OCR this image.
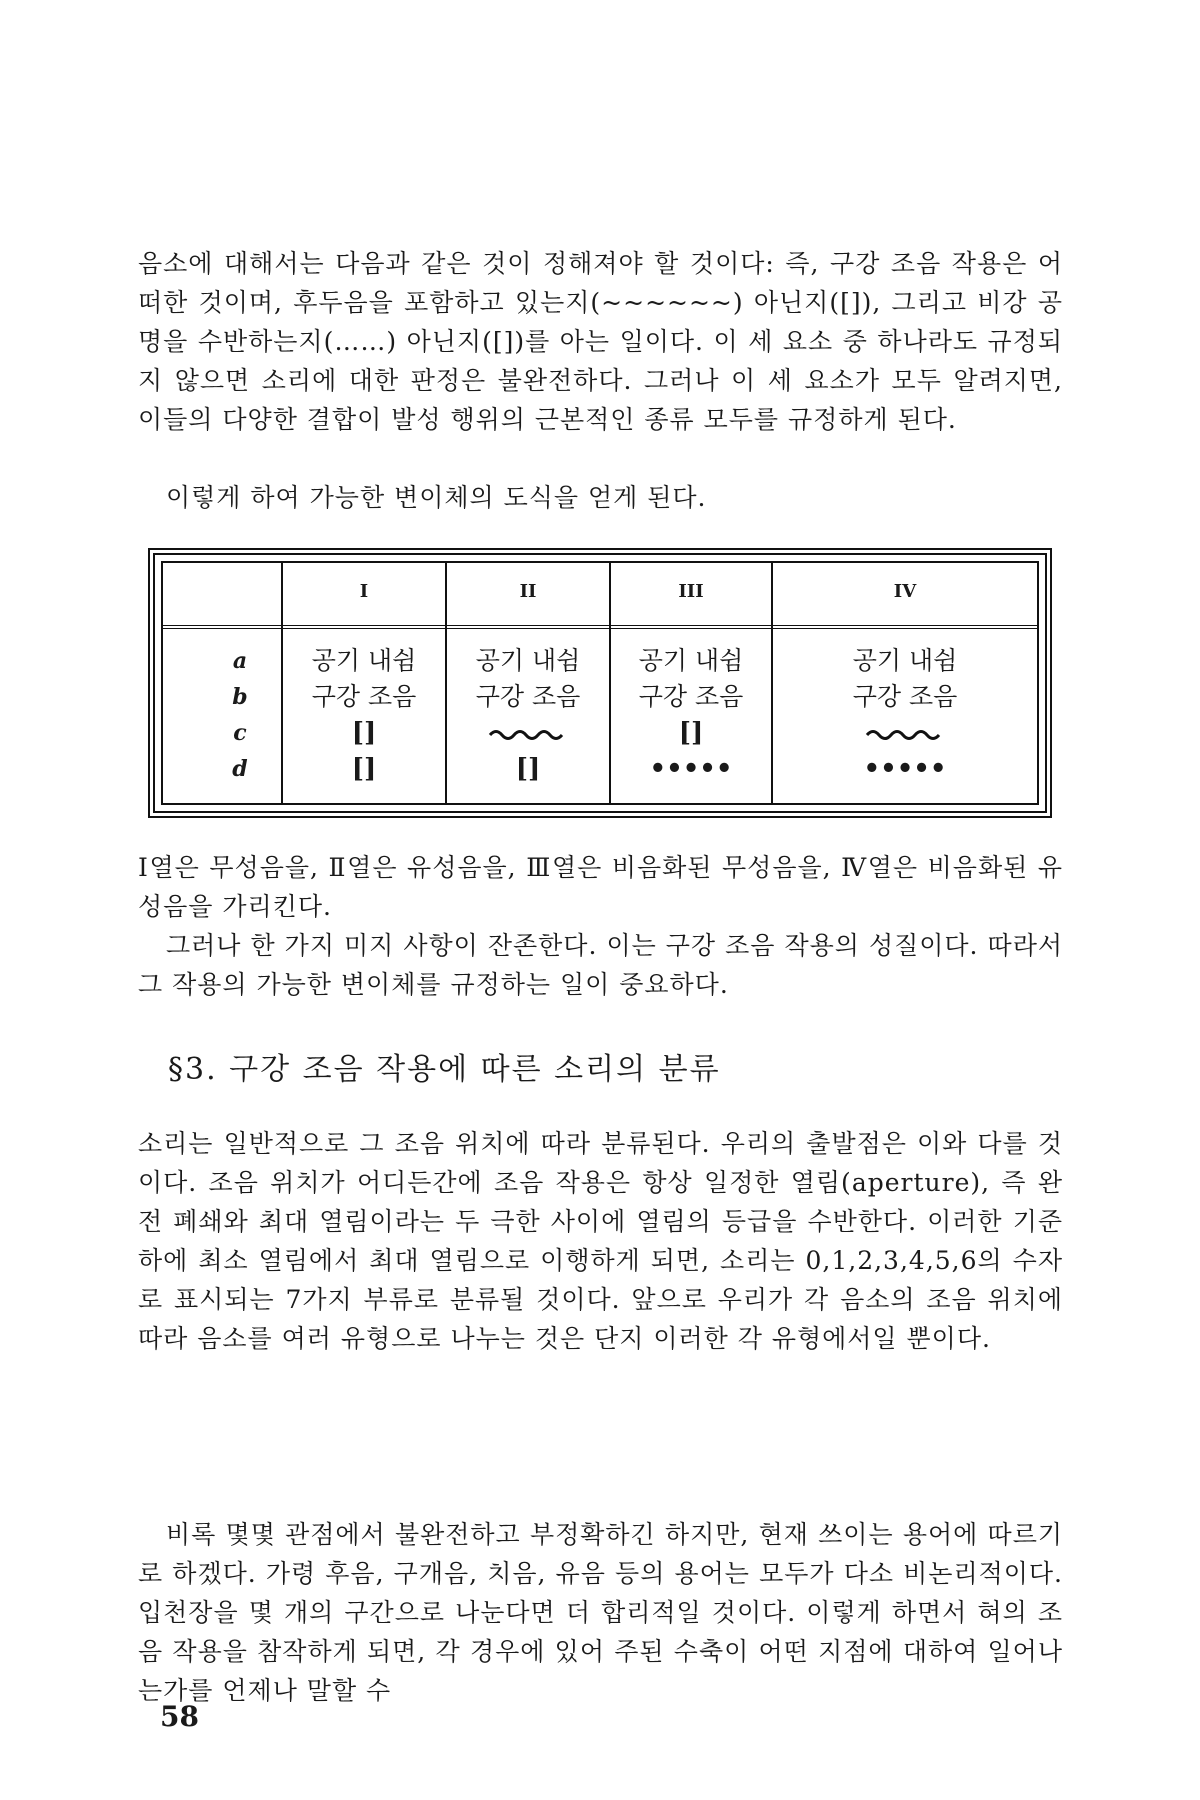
음소에 대해서는 다음과 같은 것이 정해져야 할 것이다: 즉, 구강 조음 작용은 어떠한 것이며, 후두음을 포함하고 있는지(~~~~~~) 아닌지([]), 그리고 비강 공명을 수반하는지(……) 아닌지([])를 아는 일이다. 이 세 요소 중 하나라도 규정되지 않으면 소리에 대한 판정은 불완전하다. 그러나 이 세 요소가 모두 알려지면, 이들의 다양한 결합이 발성 행위의 근본적인 종류 모두를 규정하게 된다.

이렇게 하여 가능한 변이체의 도식을 얻게 된다.

a
b
c
d
I
공기 내쉼
구강 조음
[]
[]
II
공기 내쉼
구강 조음
[]
III
공기 내쉼
구강 조음
[]
•••••
IV
공기 내쉼
구강 조음
•••••

Ⅰ열은 무성음을, Ⅱ열은 유성음을, Ⅲ열은 비음화된 무성음을, Ⅳ열은 비음화된 유성음을 가리킨다.

그러나 한 가지 미지 사항이 잔존한다. 이는 구강 조음 작용의 성질이다. 따라서 그 작용의 가능한 변이체를 규정하는 일이 중요하다.

§3. 구강 조음 작용에 따른 소리의 분류

소리는 일반적으로 그 조음 위치에 따라 분류된다. 우리의 출발점은 이와 다를 것이다. 조음 위치가 어디든간에 조음 작용은 항상 일정한 열림(aperture), 즉 완전 폐쇄와 최대 열림이라는 두 극한 사이에 열림의 등급을 수반한다. 이러한 기준하에 최소 열림에서 최대 열림으로 이행하게 되면, 소리는 0,1,2,3,4,5,6의 수자로 표시되는 7가지 부류로 분류될 것이다. 앞으로 우리가 각 음소의 조음 위치에 따라 음소를 여러 유형으로 나누는 것은 단지 이러한 각 유형에서일 뿐이다.

비록 몇몇 관점에서 불완전하고 부정확하긴 하지만, 현재 쓰이는 용어에 따르기로 하겠다. 가령 후음, 구개음, 치음, 유음 등의 용어는 모두가 다소 비논리적이다. 입천장을 몇 개의 구간으로 나눈다면 더 합리적일 것이다. 이렇게 하면서 혀의 조음 작용을 참작하게 되면, 각 경우에 있어 주된 수축이 어떤 지점에 대하여 일어나는가를 언제나 말할 수

58
